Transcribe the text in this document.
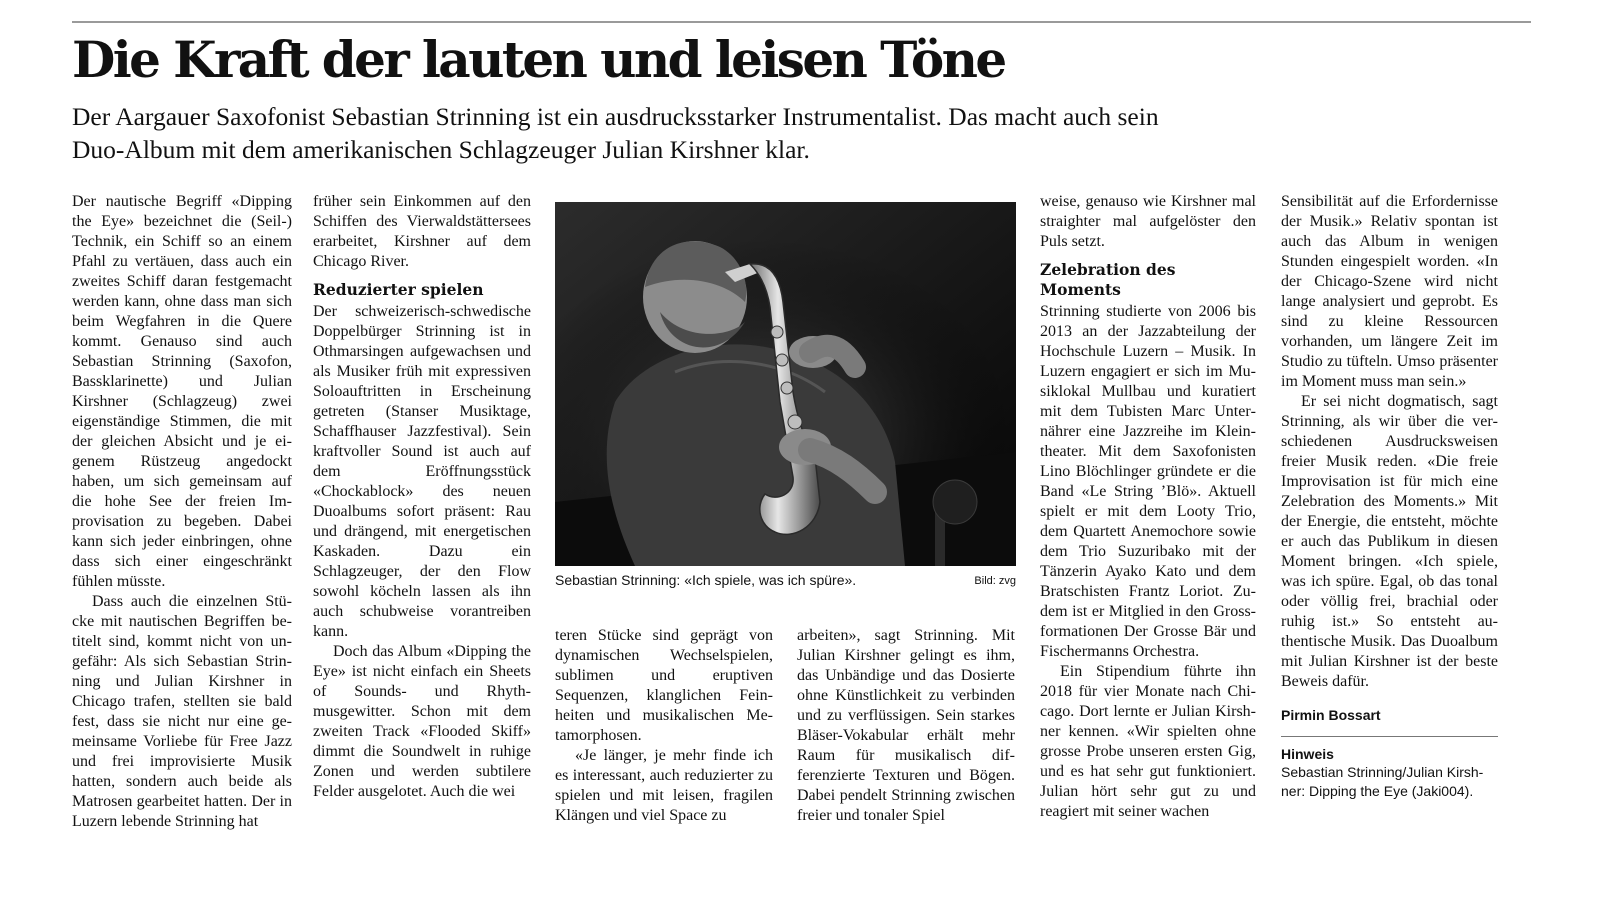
Die Kraft der lauten und leisen Töne

Der Aargauer Saxofonist Sebastian Strinning ist ein ausdrucksstarker Instrumentalist. Das macht auch sein Duo-Album mit dem amerikanischen Schlagzeuger Julian Kirshner klar.

Der nautische Begriff «Dipping the Eye» bezeichnet die (Seil-) Technik, ein Schiff so an einem Pfahl zu vertäuen, dass auch ein zweites Schiff daran festgemacht werden kann, ohne dass man sich beim Wegfahren in die Quere kommt. Genauso sind auch Sebastian Strinning (Saxofon, Bassklarinette) und Julian Kirshner (Schlagzeug) zwei eigenständige Stimmen, die mit der gleichen Absicht und je eigenem Rüstzeug angedockt haben, um sich gemeinsam auf die hohe See der freien Improvisation zu begeben. Dabei kann sich jeder einbringen, ohne dass sich einer eingeschränkt fühlen müsste.

Dass auch die einzelnen Stücke mit nautischen Begriffen betitelt sind, kommt nicht von ungefähr: Als sich Sebastian Strinning und Julian Kirshner in Chicago trafen, stellten sie bald fest, dass sie nicht nur eine gemeinsame Vorliebe für Free Jazz und frei improvisierte Musik hatten, sondern auch beide als Matrosen gearbeitet hatten. Der in Luzern lebende Strinning hat

früher sein Einkommen auf den Schiffen des Vierwaldstättersees erarbeitet, Kirshner auf dem Chicago River.

Reduzierter spielen

Der schweizerisch-schwedische Doppelbürger Strinning ist in Othmarsingen aufgewachsen und als Musiker früh mit expressiven Soloauftritten in Erscheinung getreten (Stanser Musiktage, Schaffhauser Jazzfestival). Sein kraftvoller Sound ist auch auf dem Eröffnungsstück «Chockablock» des neuen Duoalbums sofort präsent: Rau und drängend, mit energetischen Kaskaden. Dazu ein Schlagzeuger, der den Flow sowohl köcheln lassen als ihn auch schubweise vorantreiben kann.

Doch das Album «Dipping the Eye» ist nicht einfach ein Sheets of Sounds- und Rhythmusgewitter. Schon mit dem zweiten Track «Flooded Skiff» dimmt die Soundwelt in ruhige Zonen und werden subtilere Felder ausgelotet. Auch die wei

Sebastian Strinning: «Ich spiele, was ich spüre».	Bild: zvg

teren Stücke sind geprägt von dynamischen Wechselspielen, sublimen und eruptiven Sequenzen, klanglichen Feinheiten und musikalischen Metamorphosen.

«Je länger, je mehr finde ich es interessant, auch reduzierter zu spielen und mit leisen, fragilen Klängen und viel Space zu

arbeiten», sagt Strinning. Mit Julian Kirshner gelingt es ihm, das Unbändige und das Dosierte ohne Künstlichkeit zu verbinden und zu verflüssigen. Sein starkes Bläser-Vokabular erhält mehr Raum für musikalisch differenzierte Texturen und Bögen. Dabei pendelt Strinning zwischen freier und tonaler Spiel

weise, genauso wie Kirshner mal straighter mal aufgelöster den Puls setzt.

Zelebration des Moments

Strinning studierte von 2006 bis 2013 an der Jazzabteilung der Hochschule Luzern – Musik. In Luzern engagiert er sich im Musiklokal Mullbau und kuratiert mit dem Tubisten Marc Unternährer eine Jazzreihe im Kleintheater. Mit dem Saxofonisten Lino Blöchlinger gründete er die Band «Le String ’Blö». Aktuell spielt er mit dem Looty Trio, dem Quartett Anemochore sowie dem Trio Suzuribako mit der Tänzerin Ayako Kato und dem Bratschisten Frantz Loriot. Zudem ist er Mitglied in den Grossformationen Der Grosse Bär und Fischermanns Orchestra.

Ein Stipendium führte ihn 2018 für vier Monate nach Chicago. Dort lernte er Julian Kirshner kennen. «Wir spielten ohne grosse Probe unseren ersten Gig, und es hat sehr gut funktioniert. Julian hört sehr gut zu und reagiert mit seiner wachen

Sensibilität auf die Erfordernisse der Musik.» Relativ spontan ist auch das Album in wenigen Stunden eingespielt worden. «In der Chicago-Szene wird nicht lange analysiert und geprobt. Es sind zu kleine Ressourcen vorhanden, um längere Zeit im Studio zu tüfteln. Umso präsenter im Moment muss man sein.»

Er sei nicht dogmatisch, sagt Strinning, als wir über die verschiedenen Ausdrucksweisen freier Musik reden. «Die freie Improvisation ist für mich eine Zelebration des Moments.» Mit der Energie, die entsteht, möchte er auch das Publikum in diesen Moment bringen. «Ich spiele, was ich spüre. Egal, ob das tonal oder völlig frei, brachial oder ruhig ist.» So entsteht authentische Musik. Das Duoalbum mit Julian Kirshner ist der beste Beweis dafür.

Pirmin Bossart
Hinweis
Sebastian Strinning/Julian Kirshner: Dipping the Eye (Jaki004).
